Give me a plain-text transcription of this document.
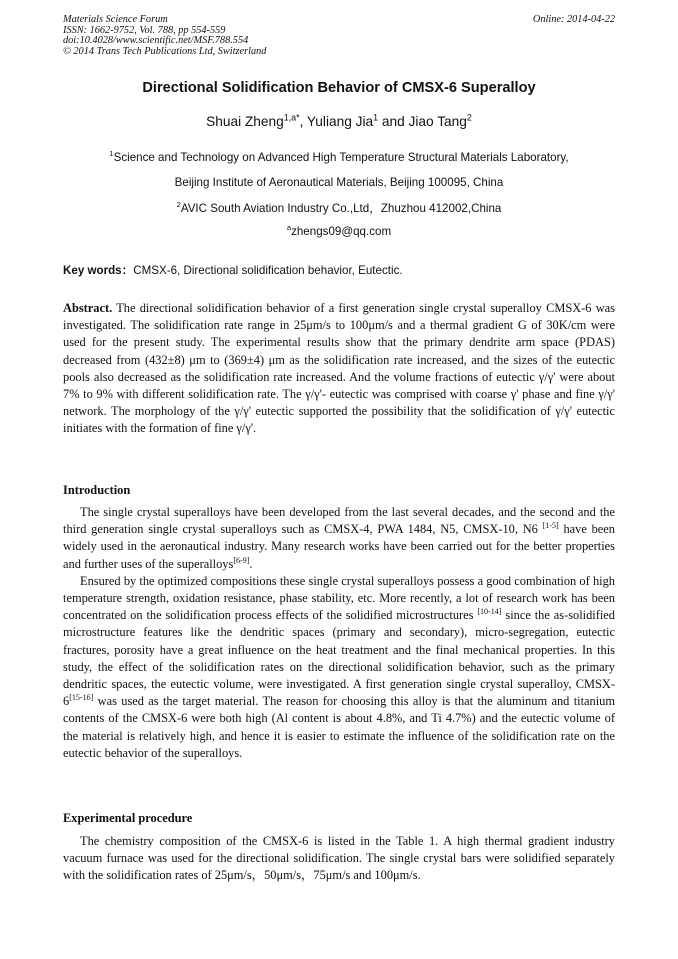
Materials Science Forum
ISSN: 1662-9752, Vol. 788, pp 554-559
doi:10.4028/www.scientific.net/MSF.788.554
© 2014 Trans Tech Publications Ltd, Switzerland
Online: 2014-04-22
Directional Solidification Behavior of CMSX-6 Superalloy
Shuai Zheng$^{1,a*}$, Yuliang Jia$^1$ and Jiao Tang$^2$
$^1$Science and Technology on Advanced High Temperature Structural Materials Laboratory,
Beijing Institute of Aeronautical Materials, Beijing 100095, China
$^2$AVIC South Aviation Industry Co.,Ltd，Zhuzhou 412002,China
$^a$zhengs09@qq.com
Key words：CMSX-6, Directional solidification behavior, Eutectic.

Abstract. The directional solidification behavior of a first generation single crystal superalloy CMSX-6 was investigated. The solidification rate range in 25μm/s to 100μm/s and a thermal gradient G of 30K/cm were used for the present study. The experimental results show that the primary dendrite arm space (PDAS) decreased from (432±8) μm to (369±4) μm as the solidification rate increased, and the sizes of the eutectic pools also decreased as the solidification rate increased. And the volume fractions of eutectic γ/γ' were about 7% to 9% with different solidification rate. The γ/γ'- eutectic was comprised with coarse γ' phase and fine γ/γ' network. The morphology of the γ/γ' eutectic supported the possibility that the solidification of γ/γ' eutectic initiates with the formation of fine γ/γ'.

Introduction

The single crystal superalloys have been developed from the last several decades, and the second and the third generation single crystal superalloys such as CMSX-4, PWA 1484, N5, CMSX-10, N6 [1-5] have been widely used in the aeronautical industry. Many research works have been carried out for the better properties and further uses of the superalloys[6-9].

Ensured by the optimized compositions these single crystal superalloys possess a good combination of high temperature strength, oxidation resistance, phase stability, etc. More recently, a lot of research work has been concentrated on the solidification process effects of the solidified microstructures [10-14] since the as-solidified microstructure features like the dendritic spaces (primary and secondary), micro-segregation, eutectic fractures, porosity have a great influence on the heat treatment and the final mechanical properties. In this study, the effect of the solidification rates on the directional solidification behavior, such as the primary dendritic spaces, the eutectic volume, were investigated. A first generation single crystal superalloy, CMSX-6[15-16] was used as the target material. The reason for choosing this alloy is that the aluminum and titanium contents of the CMSX-6 were both high (Al content is about 4.8%, and Ti 4.7%) and the eutectic volume of the material is relatively high, and hence it is easier to estimate the influence of the solidification rate on the eutectic behavior of the superalloys.

Experimental procedure

The chemistry composition of the CMSX-6 is listed in the Table 1. A high thermal gradient industry vacuum furnace was used for the directional solidification. The single crystal bars were solidified separately with the solidification rates of 25μm/s，50μm/s，75μm/s and 100μm/s.
